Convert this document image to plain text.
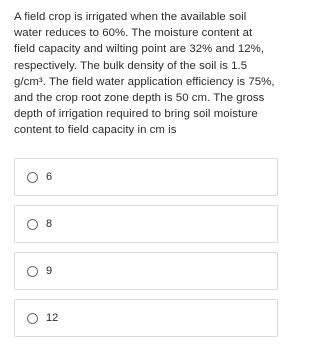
A field crop is irrigated when the available soil water reduces to 60%. The moisture content at field capacity and wilting point are 32% and 12%, respectively. The bulk density of the soil is 1.5 g/cm³. The field water application efficiency is 75%, and the crop root zone depth is 50 cm. The gross depth of irrigation required to bring soil moisture content to field capacity in cm is
6
8
9
12
